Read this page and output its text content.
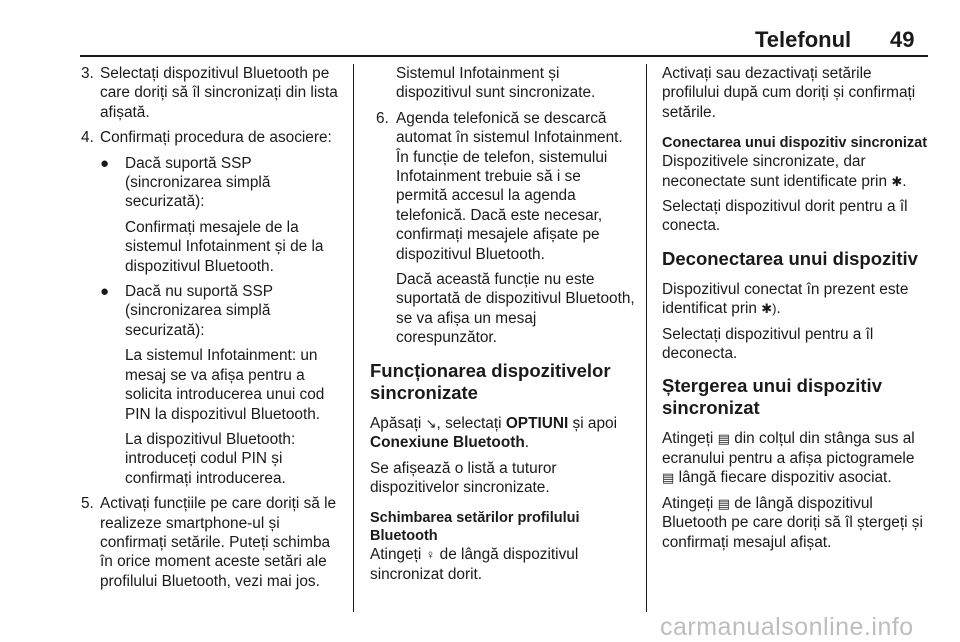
Telefonul 49
3. Selectați dispozitivul Bluetooth pe care doriți să îl sincronizați din lista afișată.
4. Confirmați procedura de asociere:
● Dacă suportă SSP (sincronizarea simplă securizată):
Confirmați mesajele de la sistemul Infotainment și de la dispozitivul Bluetooth.
● Dacă nu suportă SSP (sincronizarea simplă securizată):
La sistemul Infotainment: un mesaj se va afișa pentru a solicita introducerea unui cod PIN la dispozitivul Bluetooth.
La dispozitivul Bluetooth: introduceți codul PIN și confirmați introducerea.
5. Activați funcțiile pe care doriți să le realizeze smartphone-ul și confirmați setările. Puteți schimba în orice moment aceste setări ale profilului Bluetooth, vezi mai jos.
Sistemul Infotainment și dispozitivul sunt sincronizate.
6. Agenda telefonică se descarcă automat în sistemul Infotainment. În funcție de telefon, sistemului Infotainment trebuie să i se permită accesul la agenda telefonică. Dacă este necesar, confirmați mesajele afișate pe dispozitivul Bluetooth.
Dacă această funcție nu este suportată de dispozitivul Bluetooth, se va afișa un mesaj corespunzător.
Funcționarea dispozitivelor sincronizate

Apăsați ↘, selectați OPTIUNI și apoi Conexiune Bluetooth.

Se afișează o listă a tuturor dispozitivelor sincronizate.

Schimbarea setărilor profilului Bluetooth

Atingeți ♀ de lângă dispozitivul sincronizat dorit.

Activați sau dezactivați setările profilului după cum doriți și confirmați setările.

Conectarea unui dispozitiv sincronizat

Dispozitivele sincronizate, dar neconectate sunt identificate prin ✱.

Selectați dispozitivul dorit pentru a îl conecta.

Deconectarea unui dispozitiv

Dispozitivul conectat în prezent este identificat prin ✱).

Selectați dispozitivul pentru a îl deconecta.

Ștergerea unui dispozitiv sincronizat

Atingeți ▤ din colțul din stânga sus al ecranului pentru a afișa pictogramele ▤ lângă fiecare dispozitiv asociat.

Atingeți ▤ de lângă dispozitivul Bluetooth pe care doriți să îl ștergeți și confirmați mesajul afișat.

carmanualsonline.info
